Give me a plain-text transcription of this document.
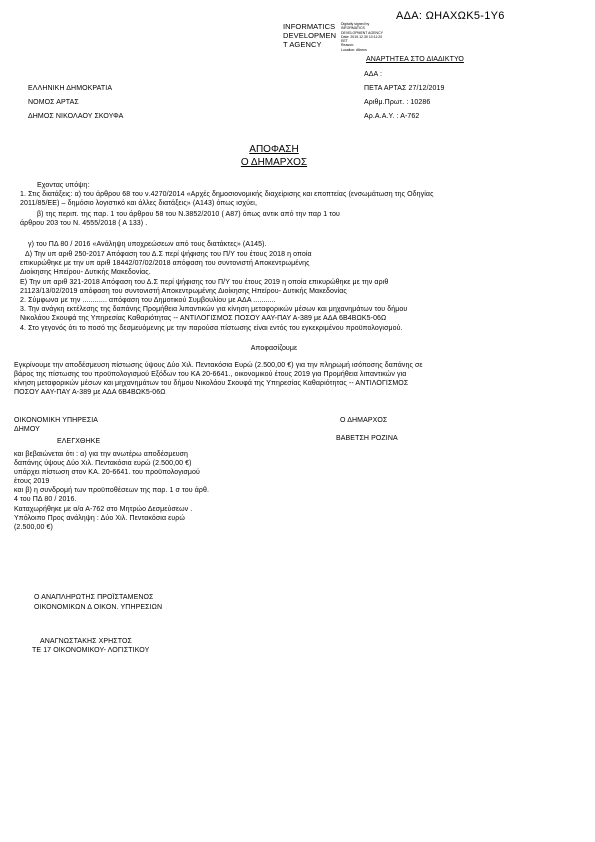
ΑΔΑ: ΩΗΑΧΩΚ5-1Υ6
INFORMATICS
DEVELOPMEN
T AGENCY
Digitally signed by
INFORMATICS
DEVELOPMENT AGENCY
Date: 2019.12.30 10:11:20
EET
Reason:
Location: Athens
ΑΝΑΡΤΗΤΕΑ ΣΤΟ ΔΙΑΔΙΚΤΥΟ
ΑΔΑ :
ΠΕΤΑ ΑΡΤΑΣ 27/12/2019
Αριθμ.Πρωτ. : 10286
Αρ.Α.Α.Υ. : Α-762
ΕΛΛΗΝΙΚΗ ΔΗΜΟΚΡΑΤΙΑ
ΝΟΜΟΣ ΑΡΤΑΣ
ΔΗΜΟΣ ΝΙΚΟΛΑΟΥ ΣΚΟΥΦΑ
ΑΠΟΦΑΣΗ
Ο ΔΗΜΑΡΧΟΣ
Εχοντας υπόψη:
1. Στις διατάξεις: α) του άρθρου 68 του ν.4270/2014 «Αρχές δημοσιονομικής διαχείρισης και εποπτείας (ενσωμάτωση της Οδηγίας
2011/85/ΕΕ) – δημόσιο λογιστικό και άλλες διατάξεις» (Α143) όπως ισχύει,
β) της περιπ. της παρ. 1 του άρθρου 58 του Ν.3852/2010 ( Α87) όπως αντικ από την παρ 1 του
άρθρου 203 του Ν. 4555/2018 ( Α 133) .
γ) του ΠΔ 80 / 2016 «Ανάληψη υποχρεώσεων από τους διατάκτες» (Α145).
Δ) Την υπ αριθ 250-2017 Απόφαση του Δ.Σ περί ψήφισης του Π/Υ του έτους 2018 η οποία
επικυρώθηκε με την υπ αριθ 18442/07/02/2018 απόφαση του συντονιστή Αποκεντρωμένης
Διοίκησης Ηπείρου- Δυτικής Μακεδονίας.
Ε) Την υπ αριθ 321-2018 Απόφαση του Δ.Σ περί ψήφισης του Π/Υ του έτους 2019 η οποία επικυρώθηκε με την αριθ
21123/13/02/2019 απόφαση του συντονιστή Αποκεντρωμένης Διοίκησης Ηπείρου- Δυτικής Μακεδονίας
2. Σύμφωνα με την ............ απόφαση του Δημοτικού Συμβουλίου με ΑΔΑ ...........
3. Την ανάγκη εκτέλεσης της δαπάνης Προμήθεια λιπαντικών για κίνηση μεταφορικών μέσων και μηχανημάτων του δήμου
Νικολάου Σκουφά της Υπηρεσίας Καθαριότητας -- ΑΝΤΙΛΟΓΙΣΜΟΣ ΠΟΣΟΥ ΑΑΥ-ΠΑΥ Α-389 με ΑΔΑ 6Β4ΒΩΚ5-06Ω
4. Στο γεγονός ότι το ποσό της δεσμευόμενης με την παρούσα πίστωσης είναι εντός του εγκεκριμένου προϋπολογισμού.
Αποφασίζουμε
Εγκρίνουμε την αποδέσμευση πίστωσης ύψους Δύο Χιλ. Πεντακόσια Ευρώ (2.500,00 €) για την πληρωμή ισόποσης δαπάνης σε
βάρος της πίστωσης του προϋπολογισμού Εξόδων του ΚΑ 20-6641., οικονομικού έτους 2019 για Προμήθεια λιπαντικών για
κίνηση μεταφορικών μέσων και μηχανημάτων του δήμου Νικολάου Σκουφά της Υπηρεσίας Καθαριότητας -- ΑΝΤΙΛΟΓΙΣΜΟΣ
ΠΟΣΟΥ ΑΑΥ-ΠΑΥ Α-389 με ΑΔΑ 6Β4ΒΩΚ5-06Ω
ΟΙΚΟΝΟΜΙΚΗ ΥΠΗΡΕΣΙΑ
ΔΗΜΟΥ
ΕΛΕΓΧΘΗΚΕ
και βεβαιώνεται ότι : α) για την ανωτέρω αποδέσμευση
δαπάνης ύψους Δύο Χιλ. Πεντακόσια ευρώ (2.500,00 €)
υπάρχει πίστωση στον ΚΑ. 20-6641. του προϋπολογισμού
έτους 2019
και β) η συνδρομή των προϋποθέσεων της παρ. 1 σ του άρθ.
4 του ΠΔ 80 / 2016.
Καταχωρήθηκε με α/α Α-762 στο Μητρώο Δεσμεύσεων .
Υπόλοιπο Προς ανάληψη : Δύο Χιλ. Πεντακόσια ευρώ
(2.500,00 €)
Ο ΔΗΜΑΡΧΟΣ
ΒΑΒΕΤΣΗ ΡΟΖΙΝΑ
Ο ΑΝΑΠΛΗΡΩΤΗΣ ΠΡΟΪΣΤΑΜΕΝΟΣ
ΟΙΚΟΝΟΜΙΚΩΝ Δ ΟΙΚΟΝ. ΥΠΗΡΕΣΙΩΝ
ΑΝΑΓΝΩΣΤΑΚΗΣ ΧΡΗΣΤΟΣ
ΤΕ 17 ΟΙΚΟΝΟΜΙΚΟΥ- ΛΟΓΙΣΤΙΚΟΥ
